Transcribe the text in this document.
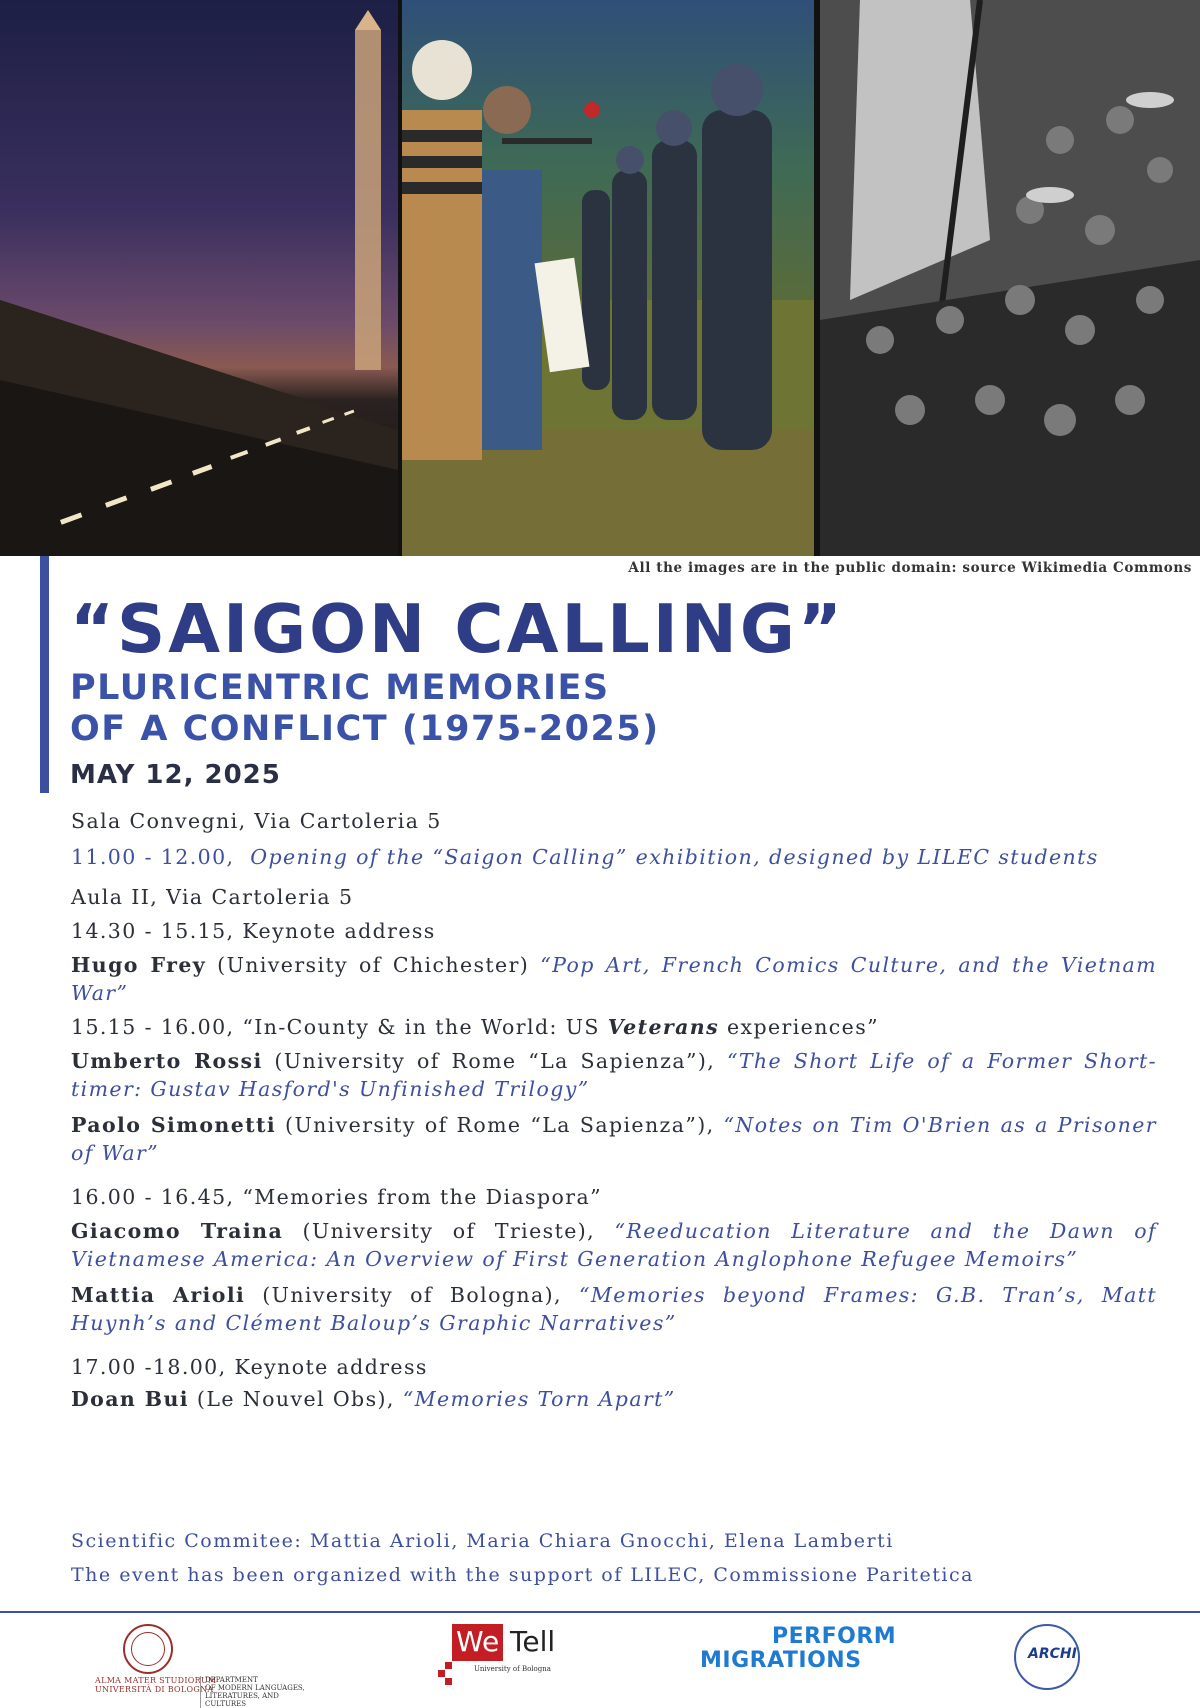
All the images are in the public domain: source Wikimedia Commons
“SAIGON CALLING”
PLURICENTRIC MEMORIES
OF A CONFLICT (1975-2025)
MAY 12, 2025

Sala Convegni, Via Cartoleria 5

11.00 - 12.00, Opening of the “Saigon Calling” exhibition, designed by LILEC students

Aula II, Via Cartoleria 5

14.30 - 15.15, Keynote address

Hugo Frey (University of Chichester) “Pop Art, French Comics Culture, and the Vietnam War”

15.15 - 16.00, “In-County & in the World: US Veterans experiences”

Umberto Rossi (University of Rome “La Sapienza”), “The Short Life of a Former Short-timer: Gustav Hasford's Unfinished Trilogy”

Paolo Simonetti (University of Rome “La Sapienza”), “Notes on Tim O'Brien as a Prisoner of War”

16.00 - 16.45, “Memories from the Diaspora”

Giacomo Traina (University of Trieste), “Reeducation Literature and the Dawn of Vietnamese America: An Overview of First Generation Anglophone Refugee Memoirs”

Mattia Arioli (University of Bologna), “Memories beyond Frames: G.B. Tran’s, Matt Huynh’s and Clément Baloup’s Graphic Narratives”

17.00 -18.00, Keynote address

Doan Bui (Le Nouvel Obs), “Memories Torn Apart”

Scientific Commitee: Mattia Arioli, Maria Chiara Gnocchi, Elena Lamberti
The event has been organized with the support of LILEC, Commissione Paritetica
ALMA MATER STUDIORUM
UNIVERSITÀ DI BOLOGNA
DEPARTMENT
OF MODERN LANGUAGES,
LITERATURES, AND CULTURES
We Tell
University of Bologna
PERFORM
MIGRATIONS	ARCHI
